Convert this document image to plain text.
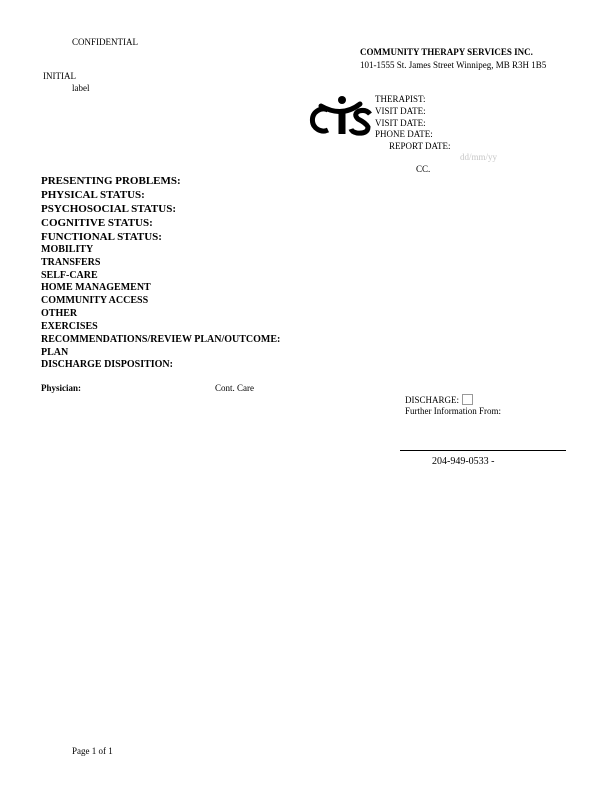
CONFIDENTIAL
COMMUNITY THERAPY SERVICES INC.
101-1555 St. James Street Winnipeg, MB R3H 1B5
INITIAL
label
THERAPIST:
VISIT DATE:
VISIT DATE:
PHONE DATE:
REPORT DATE:
dd/mm/yy
CC.
PRESENTING PROBLEMS:
PHYSICAL STATUS:
PSYCHOSOCIAL STATUS:
COGNITIVE STATUS:
FUNCTIONAL STATUS:
MOBILITY
TRANSFERS
SELF-CARE
HOME MANAGEMENT
COMMUNITY ACCESS
OTHER
EXERCISES
RECOMMENDATIONS/REVIEW PLAN/OUTCOME:
PLAN
DISCHARGE DISPOSITION:
Physician:	Cont. Care
DISCHARGE:
Further Information From:
204-949-0533 -
Page 1 of 1
